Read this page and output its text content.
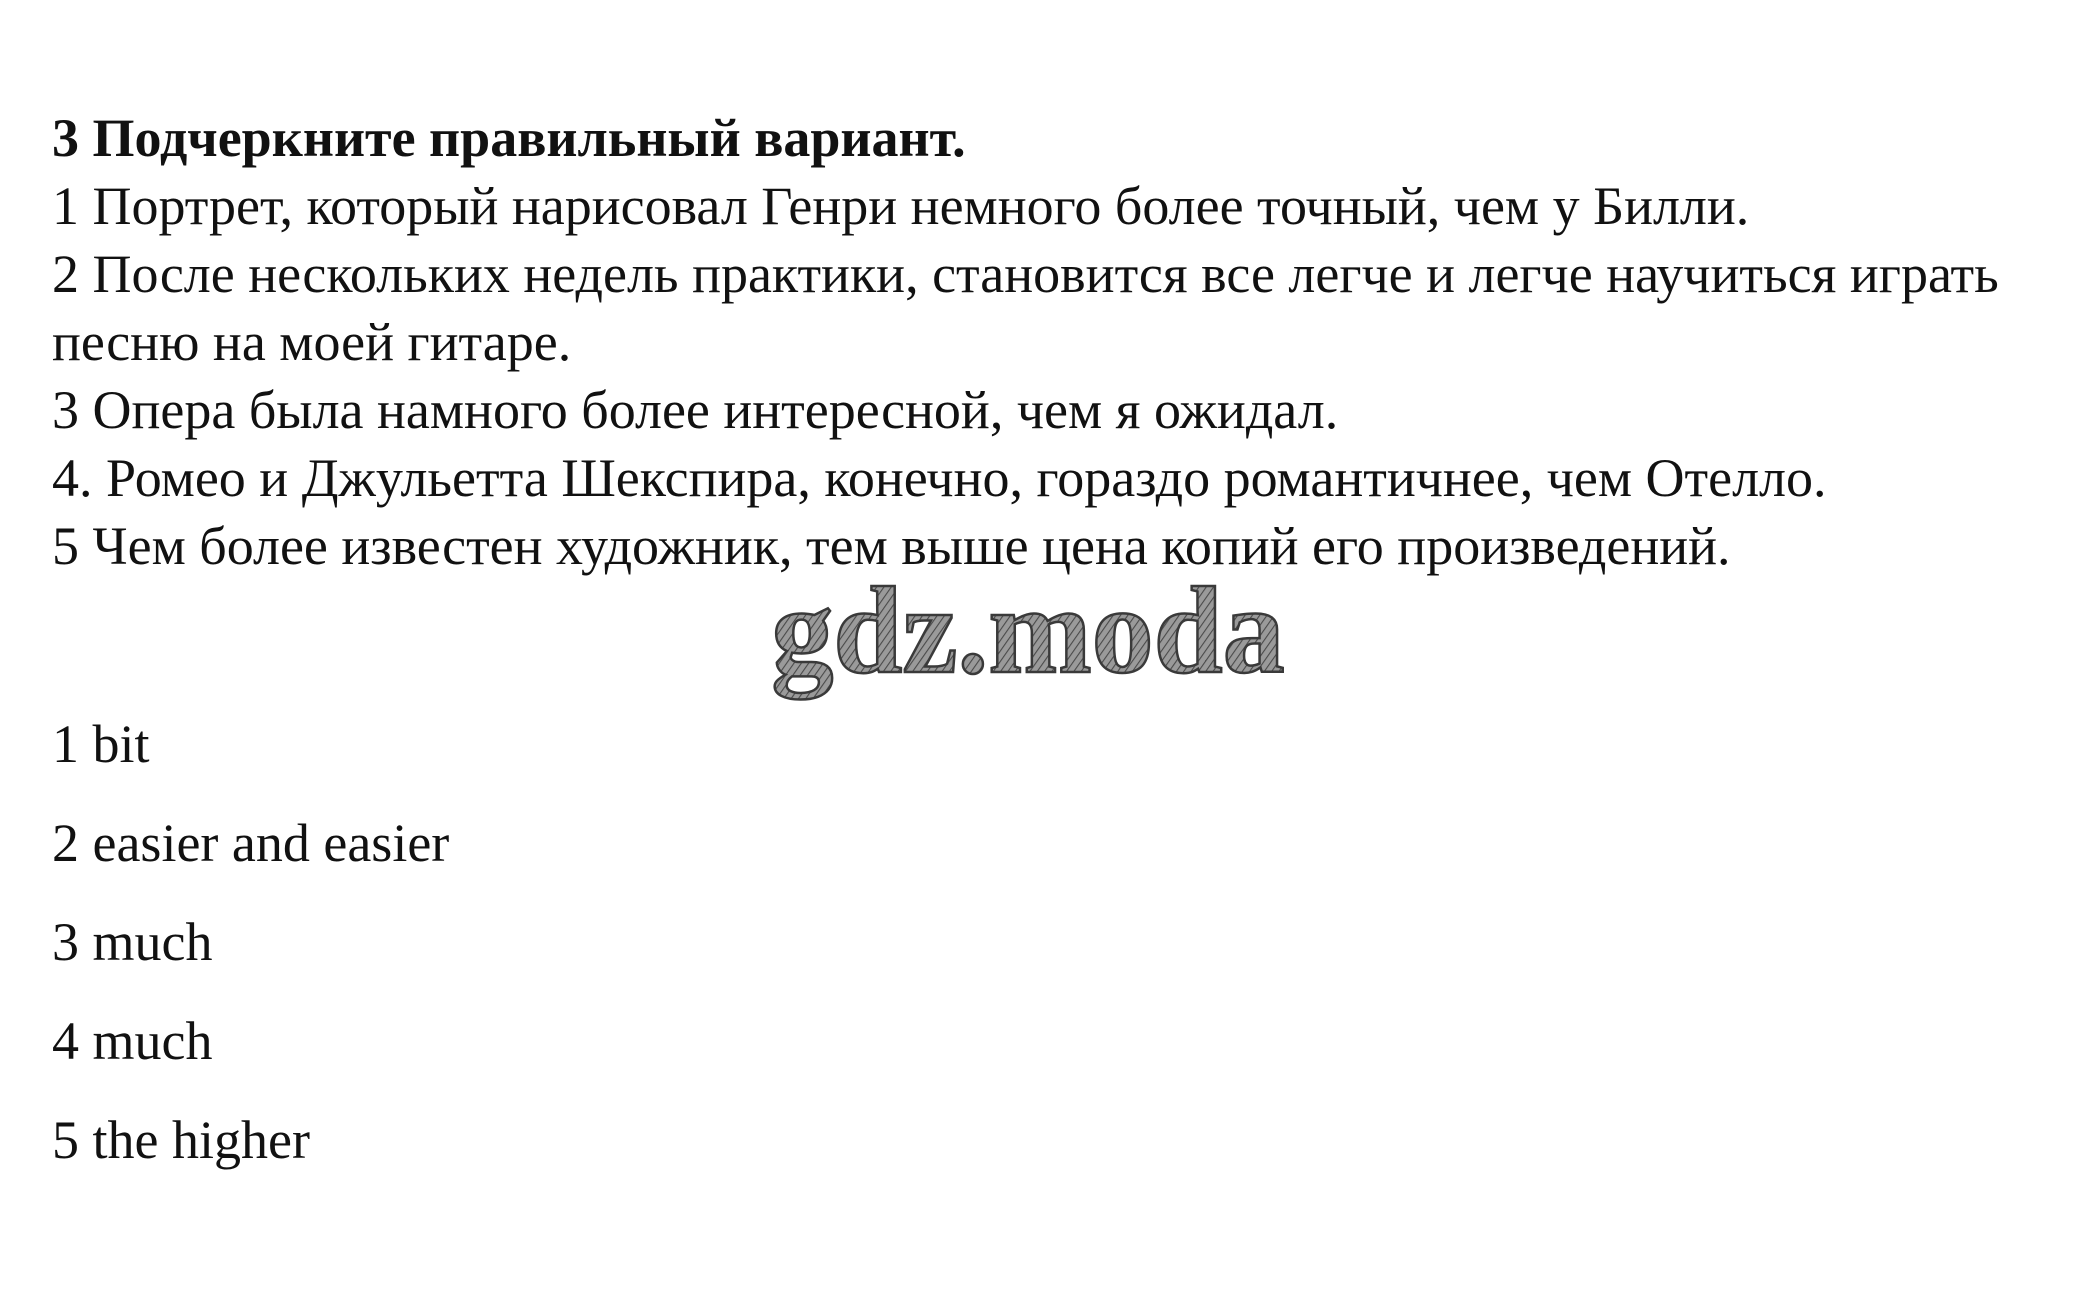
3 Подчеркните правильный вариант.

1 Портрет, который нарисовал Генри немного более точный, чем у Билли.

2 После нескольких недель практики, становится все легче и легче научиться играть песню на моей гитаре.

3 Опера была намного более интересной, чем я ожидал.

4. Ромео и Джульетта Шекспира, конечно, гораздо романтичнее, чем Отелло.

5 Чем более известен художник, тем выше цена копий его произведений.

gdz.moda

1 bit

2 easier and easier

3 much

4 much

5 the higher
